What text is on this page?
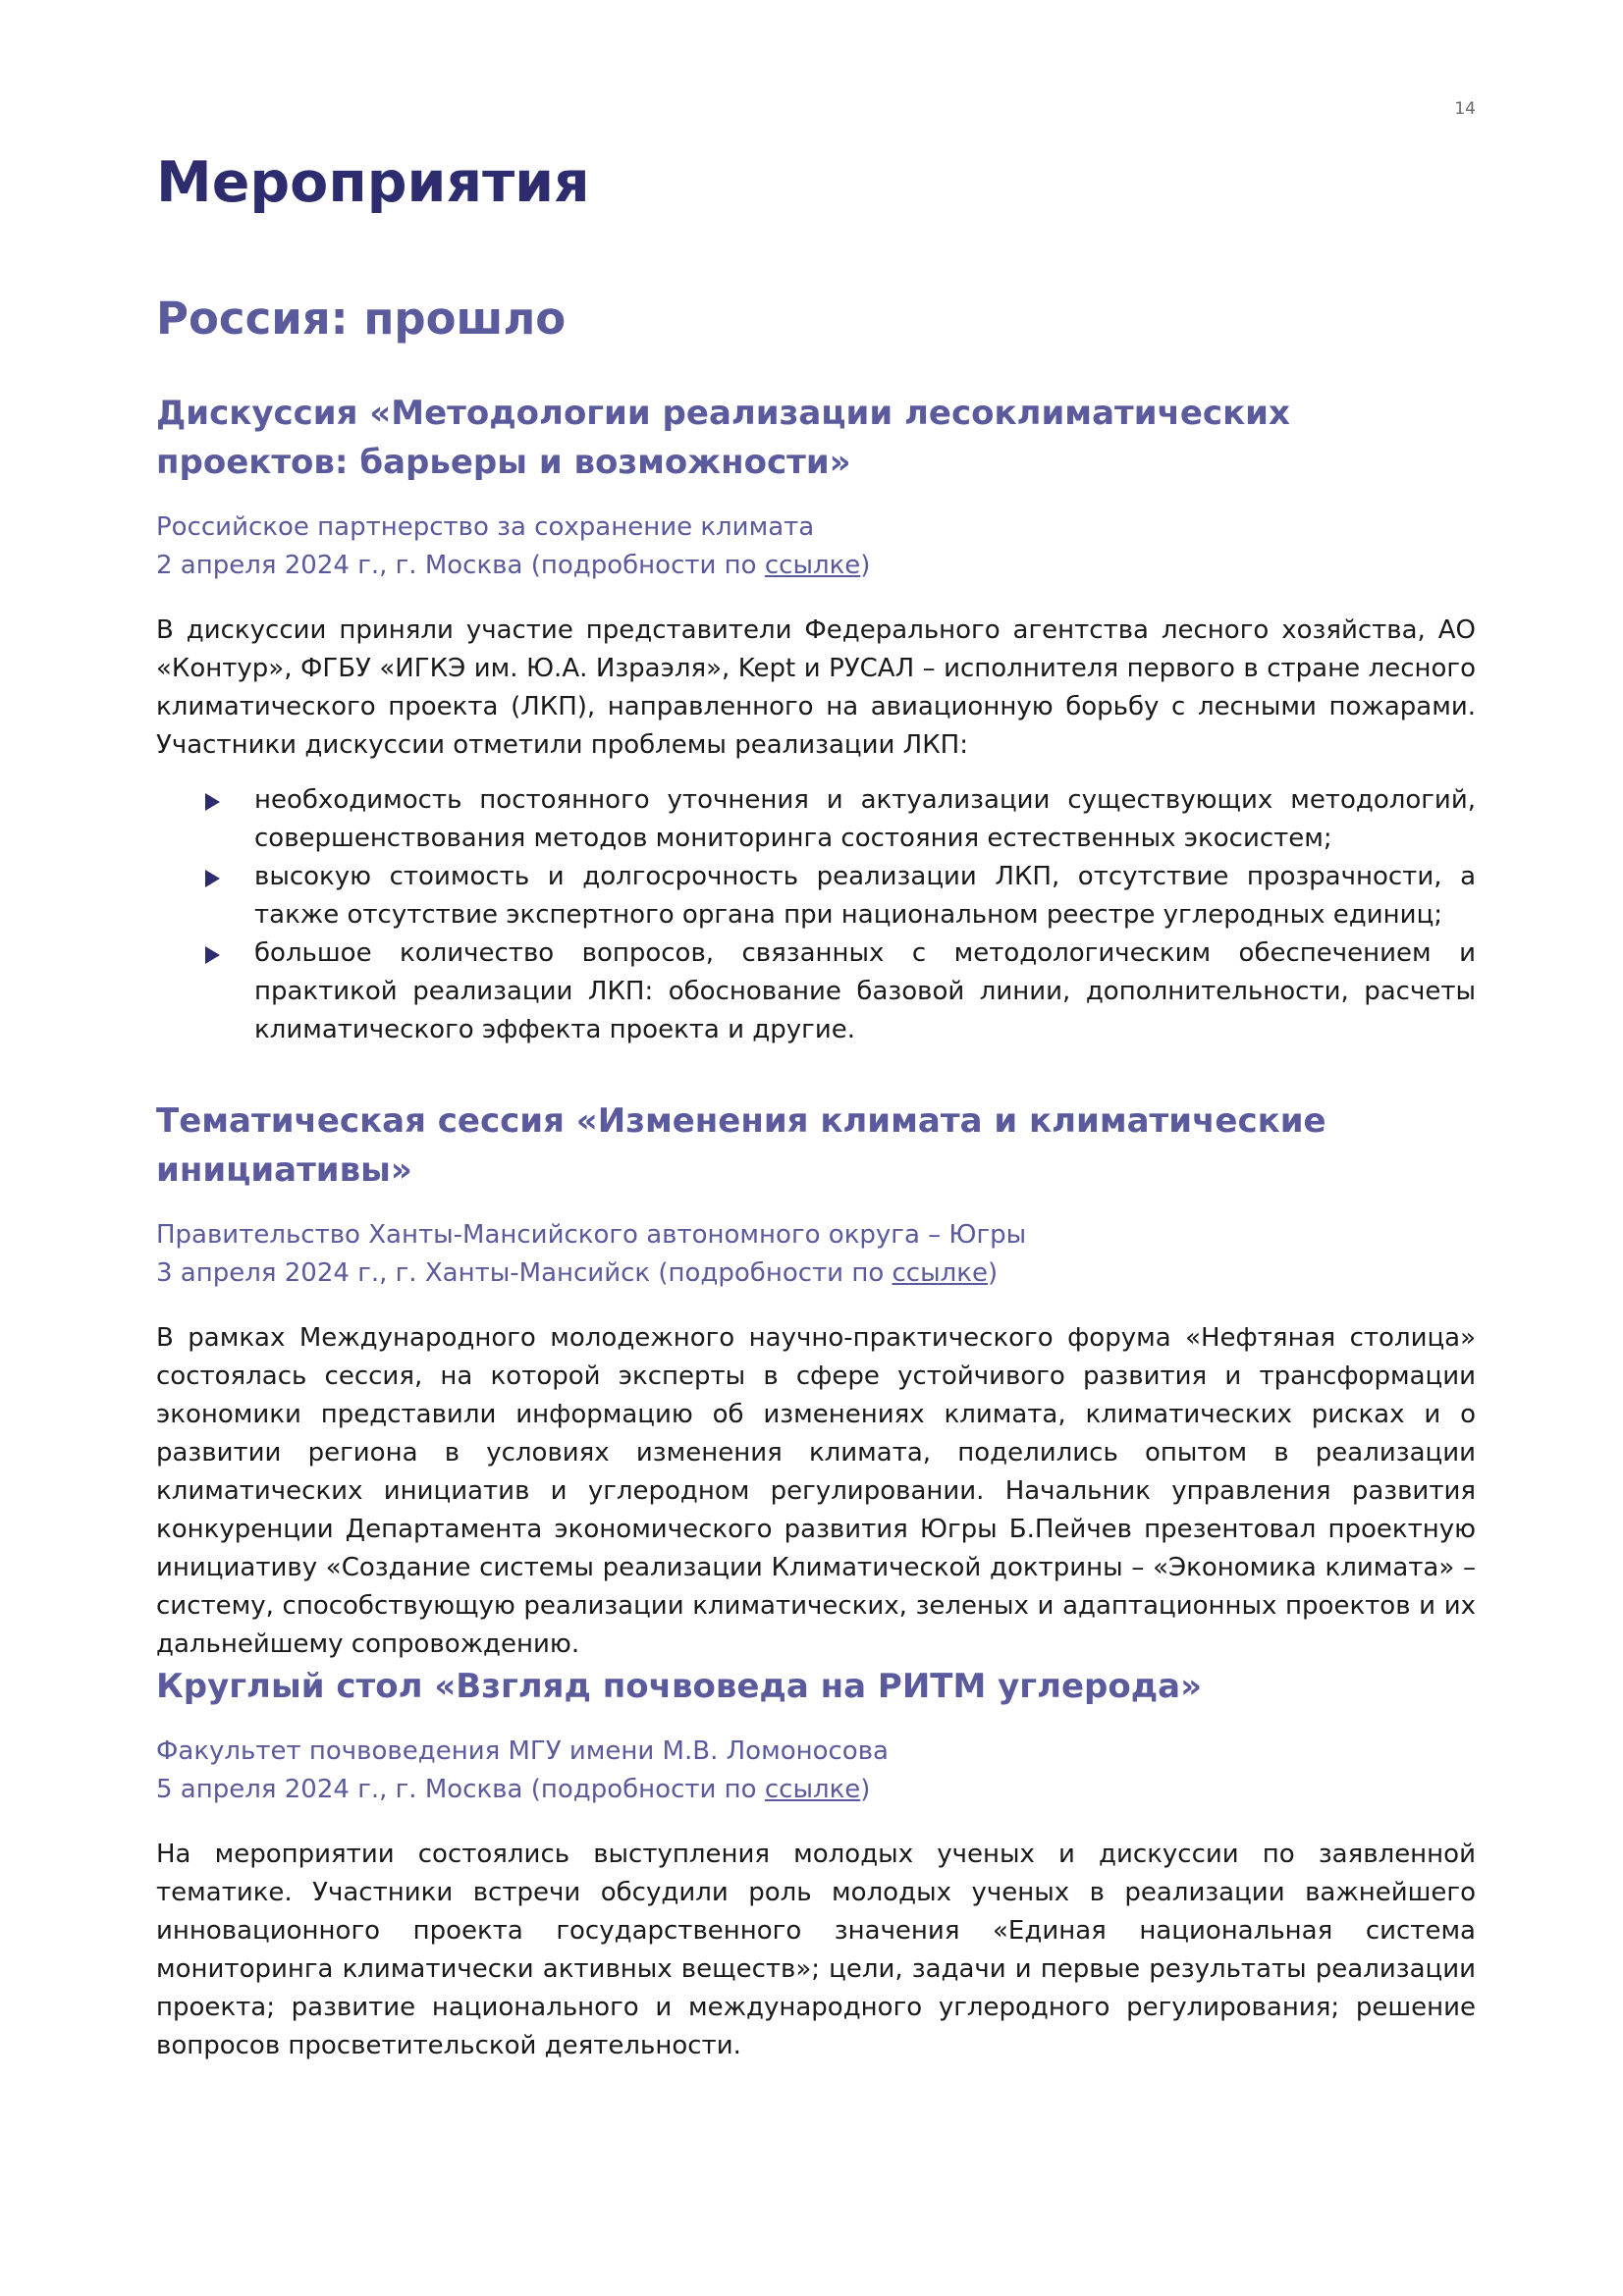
14
Мероприятия
Россия: прошло
Дискуссия «Методологии реализации лесоклиматических проектов: барьеры и возможности»

Российское партнерство за сохранение климата
2 апреля 2024 г., г. Москва (подробности по ссылке)

В дискуссии приняли участие представители Федерального агентства лесного хозяйства, АО «Контур», ФГБУ «ИГКЭ им. Ю.А. Израэля», Kept и РУСАЛ – исполнителя первого в стране лесного климатического проекта (ЛКП), направленного на авиационную борьбу с лесными пожарами. Участники дискуссии отметили проблемы реализации ЛКП:

необходимость постоянного уточнения и актуализации существующих методологий, совершенствования методов мониторинга состояния естественных экосистем;
высокую стоимость и долгосрочность реализации ЛКП, отсутствие прозрачности, а также отсутствие экспертного органа при национальном реестре углеродных единиц;
большое количество вопросов, связанных с методологическим обеспечением и практикой реализации ЛКП: обоснование базовой линии, дополнительности, расчеты климатического эффекта проекта и другие.
Тематическая сессия «Изменения климата и климатические инициативы»

Правительство Ханты-Мансийского автономного округа – Югры
3 апреля 2024 г., г. Ханты-Мансийск (подробности по ссылке)

В рамках Международного молодежного научно-практического форума «Нефтяная столица» состоялась сессия, на которой эксперты в сфере устойчивого развития и трансформации экономики представили информацию об изменениях климата, климатических рисках и о развитии региона в условиях изменения климата, поделились опытом в реализации климатических инициатив и углеродном регулировании. Начальник управления развития конкуренции Департамента экономического развития Югры Б.Пейчев презентовал проектную инициативу «Создание системы реализации Климатической доктрины – «Экономика климата» – систему, способствующую реализации климатических, зеленых и адаптационных проектов и их дальнейшему сопровождению.

Круглый стол «Взгляд почвоведа на РИТМ углерода»

Факультет почвоведения МГУ имени М.В. Ломоносова
5 апреля 2024 г., г. Москва (подробности по ссылке)

На мероприятии состоялись выступления молодых ученых и дискуссии по заявленной тематике. Участники встречи обсудили роль молодых ученых в реализации важнейшего инновационного проекта государственного значения «Единая национальная система мониторинга климатически активных веществ»; цели, задачи и первые результаты реализации проекта; развитие национального и международного углеродного регулирования; решение вопросов просветительской деятельности.
